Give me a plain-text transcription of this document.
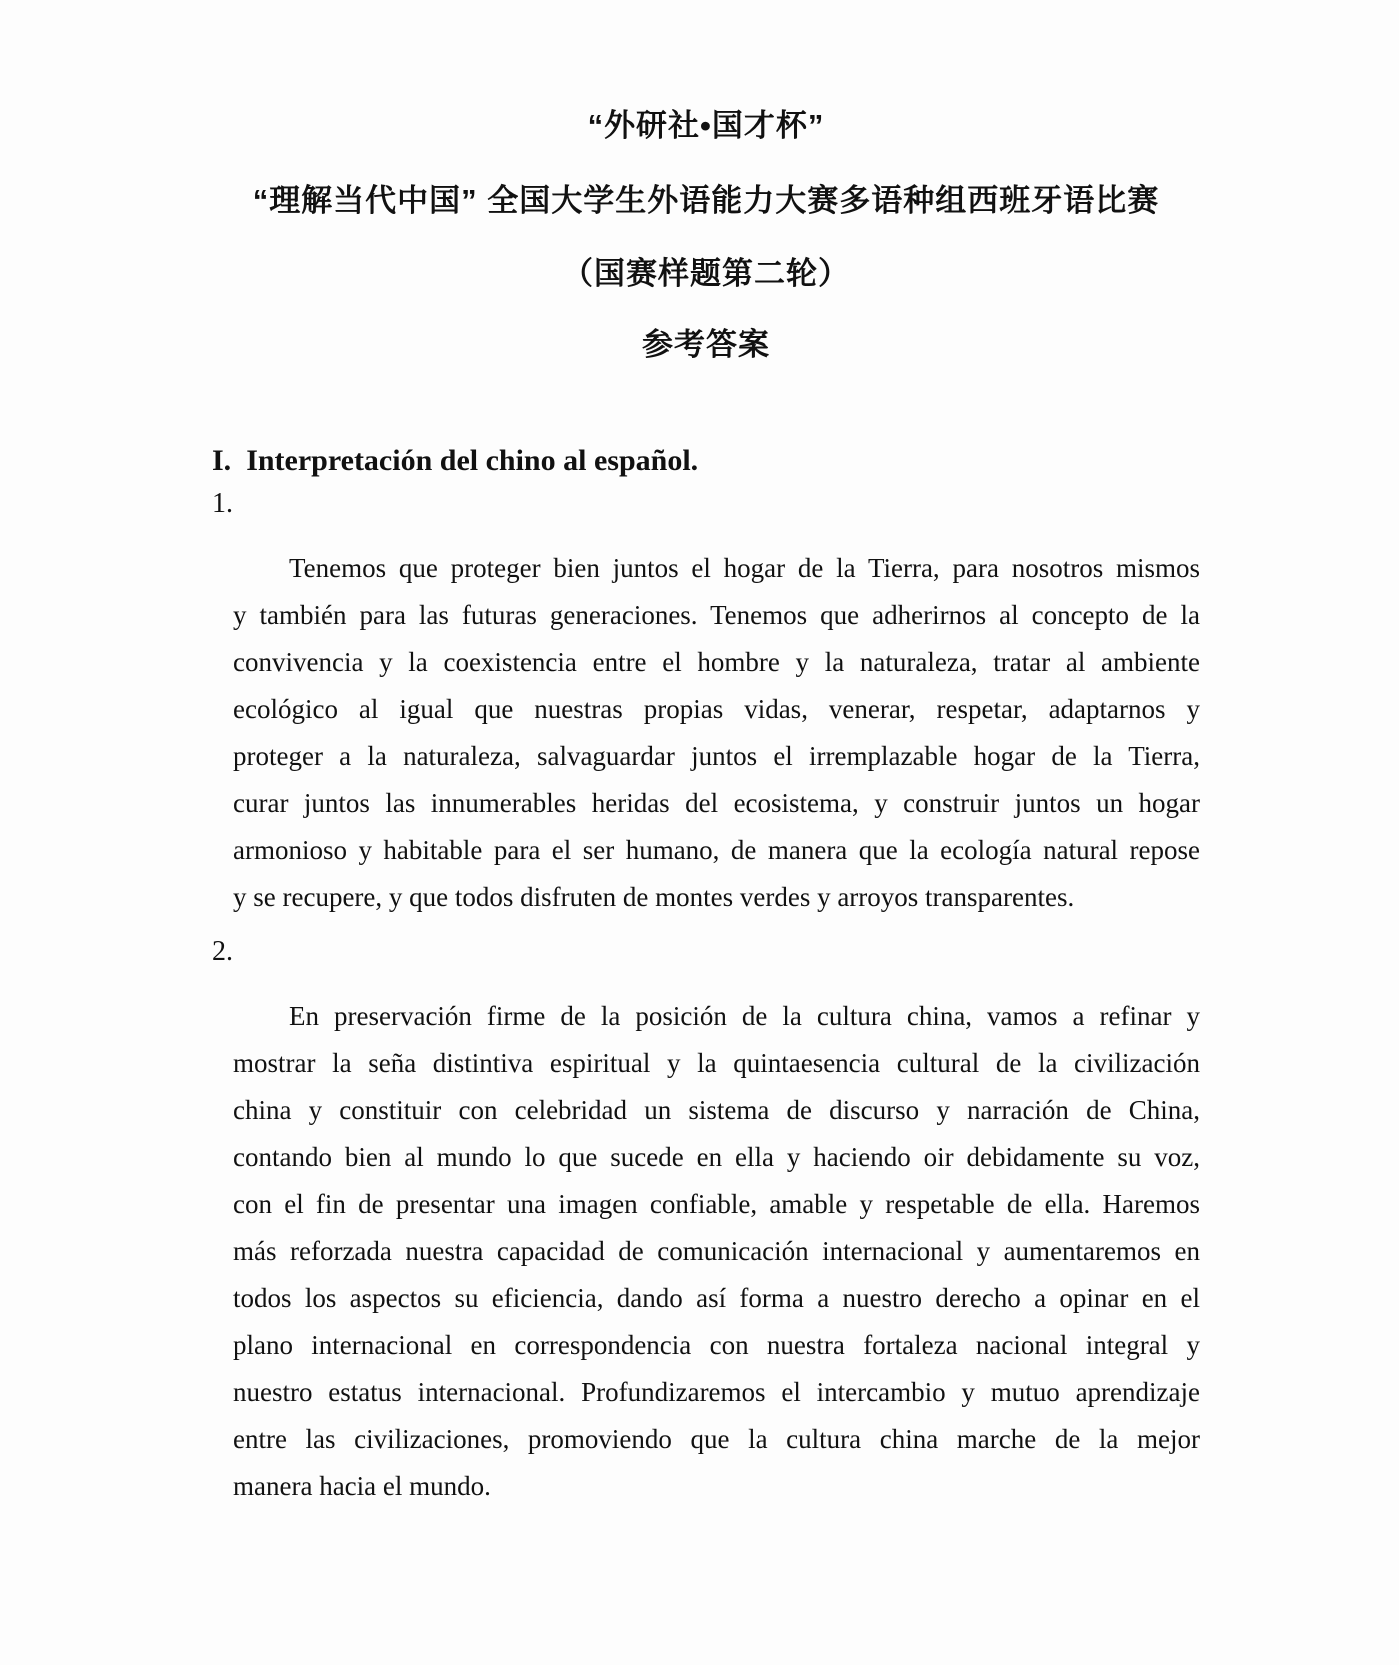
“外研社•国才杯”
“理解当代中国” 全国大学生外语能力大赛多语种组西班牙语比赛
（国赛样题第二轮）
参考答案
I. Interpretación del chino al español.
1.
Tenemos que proteger bien juntos el hogar de la Tierra, para nosotros mismos
y también para las futuras generaciones. Tenemos que adherirnos al concepto de la
convivencia y la coexistencia entre el hombre y la naturaleza, tratar al ambiente
ecológico al igual que nuestras propias vidas, venerar, respetar, adaptarnos y
proteger a la naturaleza, salvaguardar juntos el irremplazable hogar de la Tierra,
curar juntos las innumerables heridas del ecosistema, y construir juntos un hogar
armonioso y habitable para el ser humano, de manera que la ecología natural repose
y se recupere, y que todos disfruten de montes verdes y arroyos transparentes.
2.
En preservación firme de la posición de la cultura china, vamos a refinar y
mostrar la seña distintiva espiritual y la quintaesencia cultural de la civilización
china y constituir con celebridad un sistema de discurso y narración de China,
contando bien al mundo lo que sucede en ella y haciendo oir debidamente su voz,
con el fin de presentar una imagen confiable, amable y respetable de ella. Haremos
más reforzada nuestra capacidad de comunicación internacional y aumentaremos en
todos los aspectos su eficiencia, dando así forma a nuestro derecho a opinar en el
plano internacional en correspondencia con nuestra fortaleza nacional integral y
nuestro estatus internacional. Profundizaremos el intercambio y mutuo aprendizaje
entre las civilizaciones, promoviendo que la cultura china marche de la mejor
manera hacia el mundo.
